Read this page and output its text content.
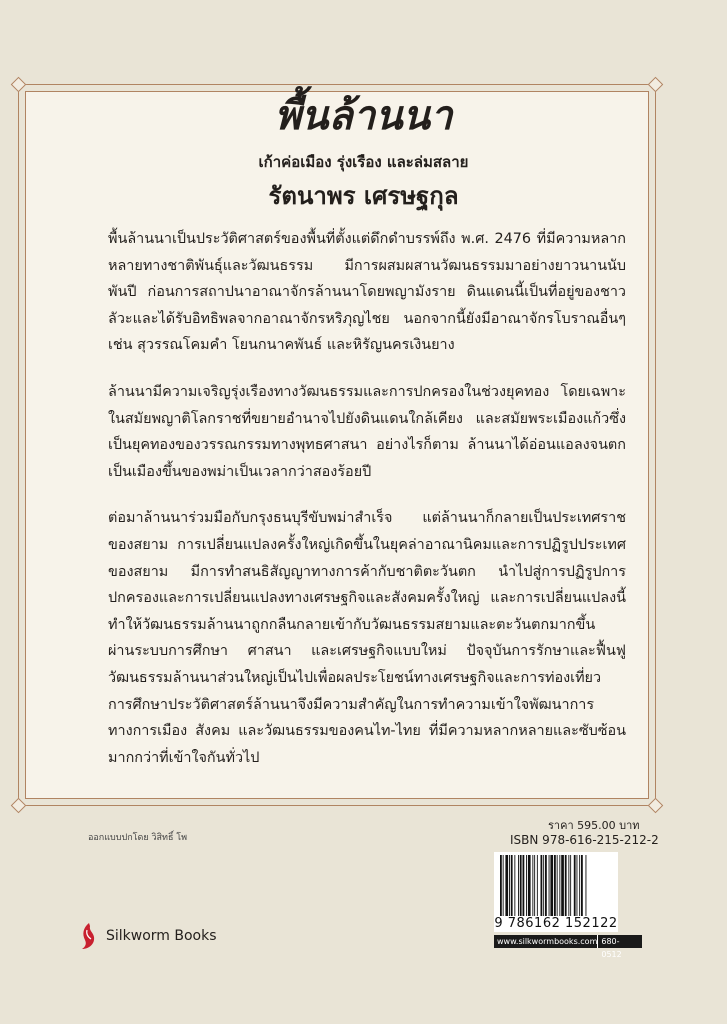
พื้นล้านนา
เก้าค่อเมือง รุ่งเรือง และล่มสลาย
รัตนาพร เศรษฐกุล

พื้นล้านนาเป็นประวัติศาสตร์ของพื้นที่ตั้งแต่ดึกดำบรรพ์ถึง พ.ศ. 2476 ที่มีความหลากหลายทางชาติพันธุ์และวัฒนธรรม มีการผสมผสานวัฒนธรรมมาอย่างยาวนานนับพันปี ก่อนการสถาปนาอาณาจักรล้านนาโดยพญามังราย ดินแดนนี้เป็นที่อยู่ของชาวลัวะและได้รับอิทธิพลจากอาณาจักรหริภุญไชย นอกจากนี้ยังมีอาณาจักรโบราณอื่นๆ เช่น สุวรรณโคมคำ โยนกนาคพันธ์ และหิรัญนครเงินยาง

ล้านนามีความเจริญรุ่งเรืองทางวัฒนธรรมและการปกครองในช่วงยุคทอง โดยเฉพาะในสมัยพญาติโลกราชที่ขยายอำนาจไปยังดินแดนใกล้เคียง และสมัยพระเมืองแก้วซึ่งเป็นยุคทองของวรรณกรรมทางพุทธศาสนา อย่างไรก็ตาม ล้านนาได้อ่อนแอลงจนตกเป็นเมืองขึ้นของพม่าเป็นเวลากว่าสองร้อยปี

ต่อมาล้านนาร่วมมือกับกรุงธนบุรีขับพม่าสำเร็จ แต่ล้านนาก็กลายเป็นประเทศราชของสยาม การเปลี่ยนแปลงครั้งใหญ่เกิดขึ้นในยุคล่าอาณานิคมและการปฏิรูปประเทศของสยาม มีการทำสนธิสัญญาทางการค้ากับชาติตะวันตก นำไปสู่การปฏิรูปการปกครองและการเปลี่ยนแปลงทางเศรษฐกิจและสังคมครั้งใหญ่ และการเปลี่ยนแปลงนี้ทำให้วัฒนธรรมล้านนาถูกกลืนกลายเข้ากับวัฒนธรรมสยามและตะวันตกมากขึ้น ผ่านระบบการศึกษา ศาสนา และเศรษฐกิจแบบใหม่ ปัจจุบันการรักษาและฟื้นฟูวัฒนธรรมล้านนาส่วนใหญ่เป็นไปเพื่อผลประโยชน์ทางเศรษฐกิจและการท่องเที่ยว การศึกษาประวัติศาสตร์ล้านนาจึงมีความสำคัญในการทำความเข้าใจพัฒนาการทางการเมือง สังคม และวัฒนธรรมของคนไท-ไทย ที่มีความหลากหลายและซับซ้อนมากกว่าที่เข้าใจกันทั่วไป

ราคา 595.00 บาท
ISBN 978-616-215-212-2
9 786162 152122
www.silkwormbooks.com 680-0512
ออกแบบปกโดย วิสิทธิ์ โพ
Silkworm Books
